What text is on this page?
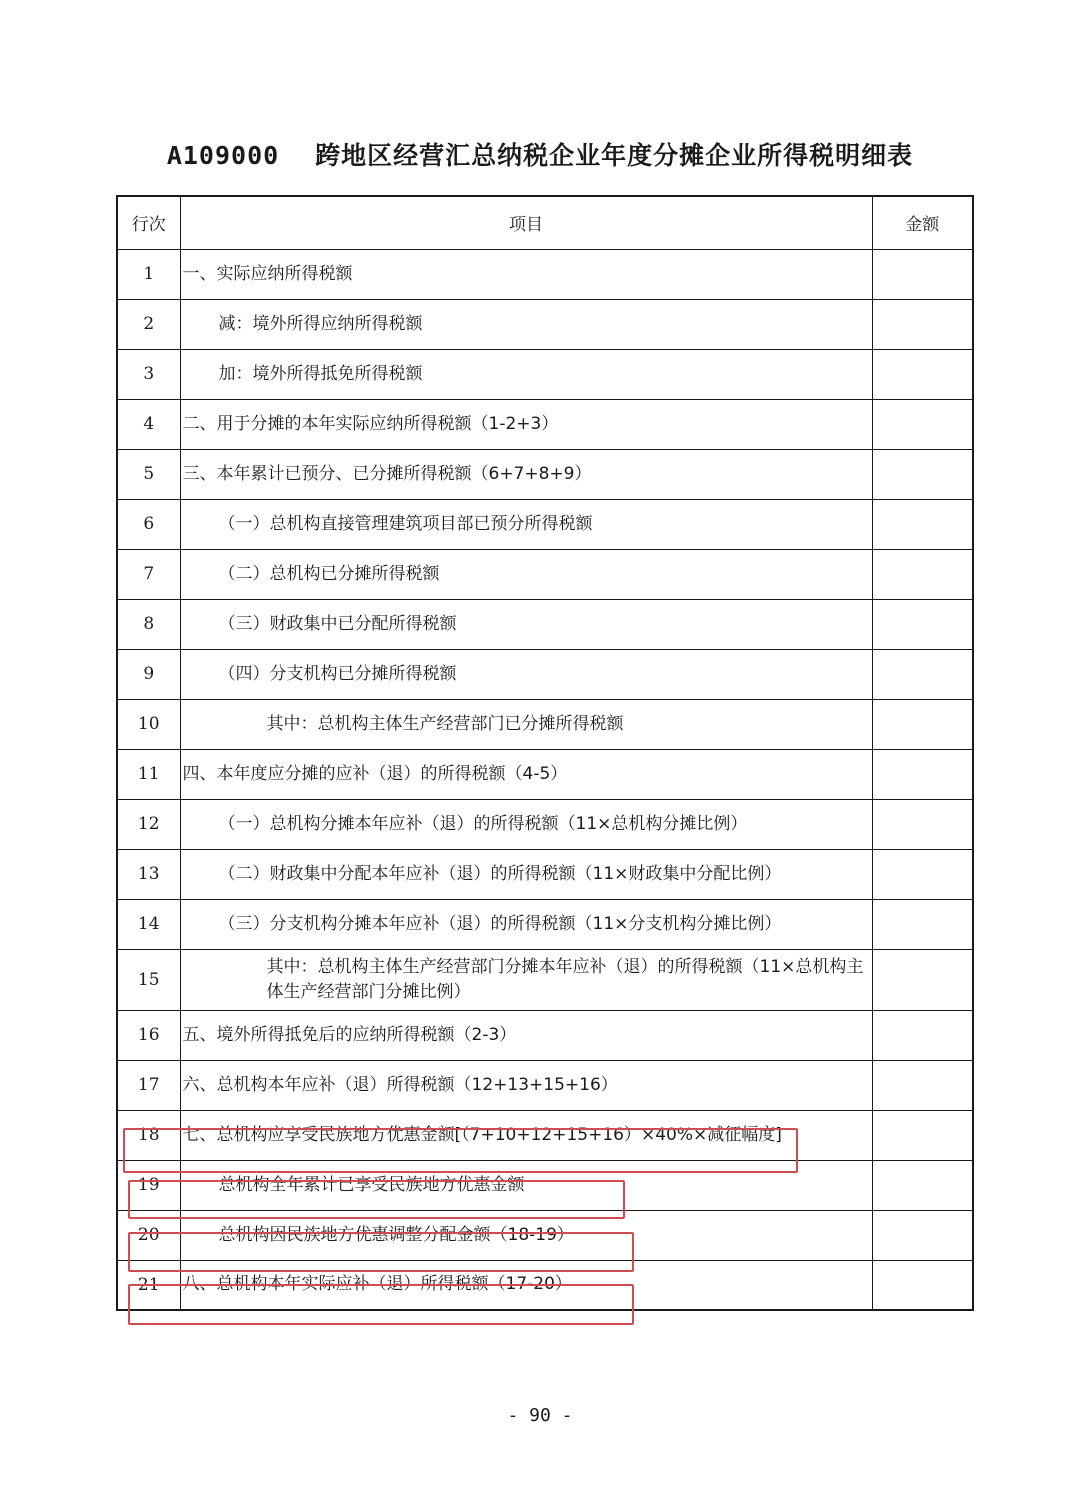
A109000 跨地区经营汇总纳税企业年度分摊企业所得税明细表
行次	项目	金额
1	一、实际应纳所得税额	

2	减：境外所得应纳所得税额	

3	加：境外所得抵免所得税额	

4	二、用于分摊的本年实际应纳所得税额（1-2+3）	

5	三、本年累计已预分、已分摊所得税额（6+7+8+9）	

6	（一）总机构直接管理建筑项目部已预分所得税额	

7	（二）总机构已分摊所得税额	

8	（三）财政集中已分配所得税额	

9	（四）分支机构已分摊所得税额	

10	其中：总机构主体生产经营部门已分摊所得税额	

11	四、本年度应分摊的应补（退）的所得税额（4-5）	

12	（一）总机构分摊本年应补（退）的所得税额（11×总机构分摊比例）	

13	（二）财政集中分配本年应补（退）的所得税额（11×财政集中分配比例）	

14	（三）分支机构分摊本年应补（退）的所得税额（11×分支机构分摊比例）	

15	其中：总机构主体生产经营部门分摊本年应补（退）的所得税额（11×总机构主体生产经营部门分摊比例）	

16	五、境外所得抵免后的应纳所得税额（2-3）	

17	六、总机构本年应补（退）所得税额（12+13+15+16）	

18	七、总机构应享受民族地方优惠金额[（7+10+12+15+16）×40%×减征幅度]	

19	总机构全年累计已享受民族地方优惠金额	

20	总机构因民族地方优惠调整分配金额（18-19）	

21	八、总机构本年实际应补（退）所得税额（17-20）	

- 90 -
